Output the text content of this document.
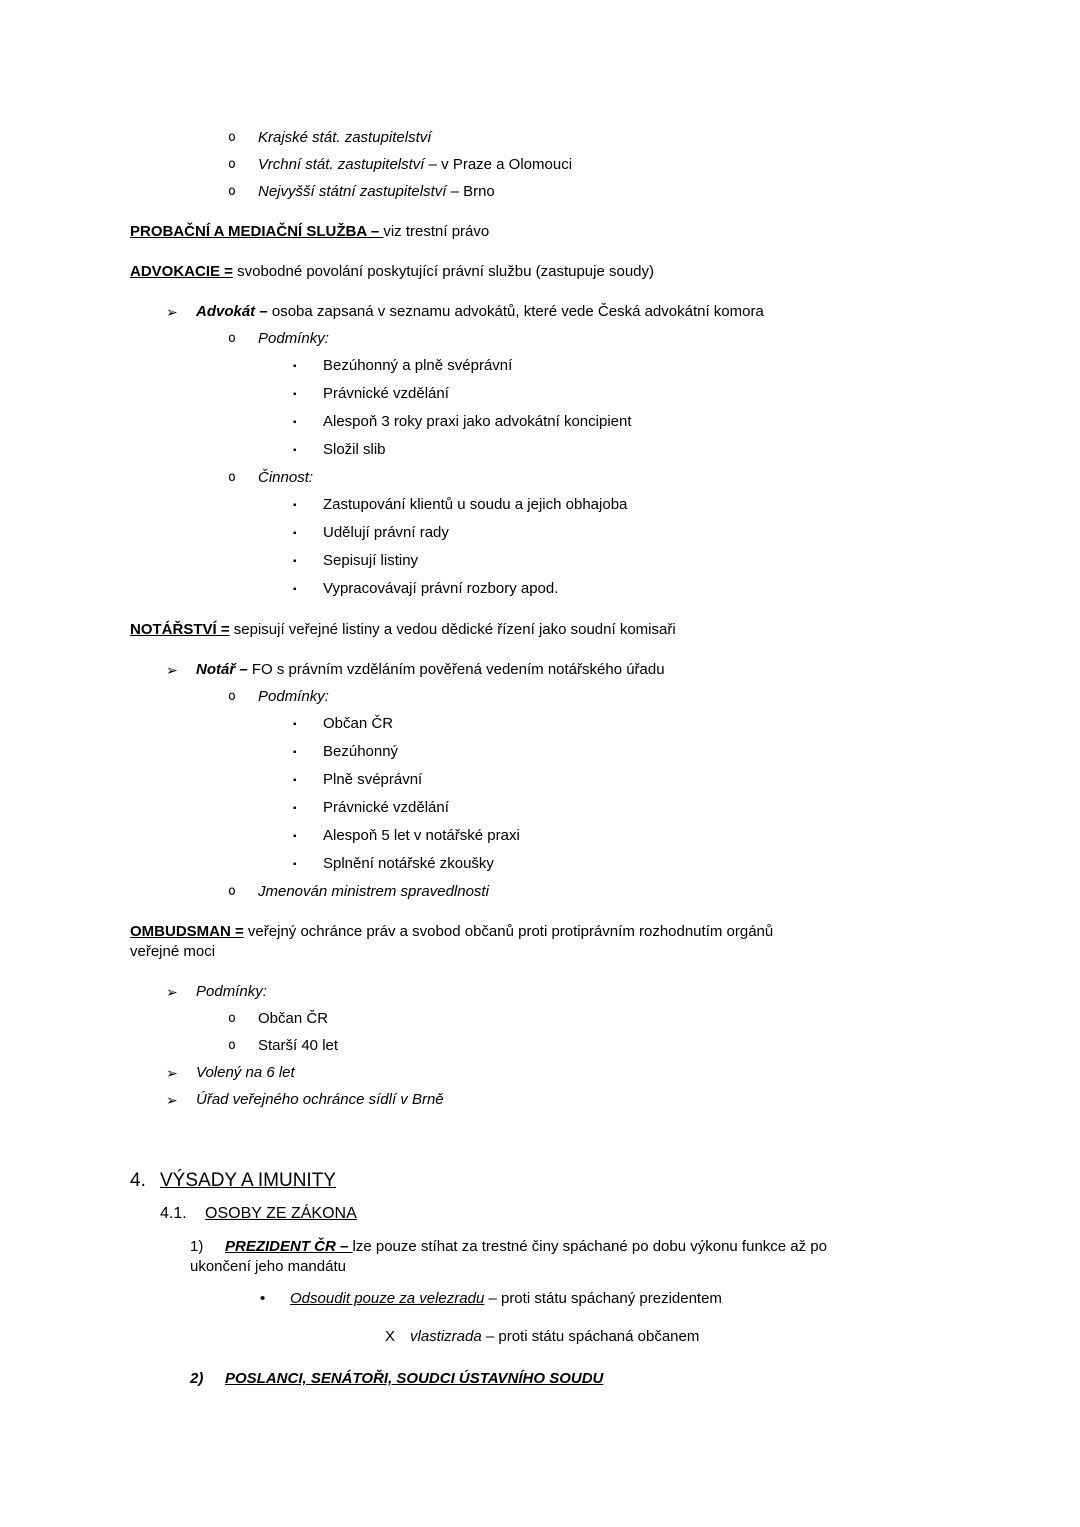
o	Krajské stát. zastupitelství
o	Vrchní stát. zastupitelství – v Praze a Olomouci
o	Nejvyšší státní zastupitelství – Brno
PROBAČNÍ A MEDIAČNÍ SLUŽBA – viz trestní právo
ADVOKACIE = svobodné povolání poskytující právní službu (zastupuje soudy)
➢	Advokát – osoba zapsaná v seznamu advokátů, které vede Česká advokátní komora
o	Podmínky:
▪	Bezúhonný a plně svéprávní
▪	Právnické vzdělání
▪	Alespoň 3 roky praxi jako advokátní koncipient
▪	Složil slib
o	Činnost:
▪	Zastupování klientů u soudu a jejich obhajoba
▪	Udělují právní rady
▪	Sepisují listiny
▪	Vypracovávají právní rozbory apod.
NOTÁŘSTVÍ = sepisují veřejné listiny a vedou dědické řízení jako soudní komisaři
➢	Notář – FO s právním vzděláním pověřená vedením notářského úřadu
o	Podmínky:
▪	Občan ČR
▪	Bezúhonný
▪	Plně svéprávní
▪	Právnické vzdělání
▪	Alespoň 5 let v notářské praxi
▪	Splnění notářské zkoušky
o	Jmenován ministrem spravedlnosti
OMBUDSMAN = veřejný ochránce práv a svobod občanů proti protiprávním rozhodnutím orgánů
veřejné moci
➢	Podmínky:
o	Občan ČR
o	Starší 40 let
➢	Volený na 6 let
➢	Úřad veřejného ochránce sídlí v Brně
4. VÝSADY A IMUNITY
4.1. OSOBY ZE ZÁKONA
1) PREZIDENT ČR – lze pouze stíhat za trestné činy spáchané po dobu výkonu funkce až po
ukončení jeho mandátu
•	Odsoudit pouze za velezradu – proti státu spáchaný prezidentem
X vlastizrada – proti státu spáchaná občanem
2) POSLANCI, SENÁTOŘI, SOUDCI ÚSTAVNÍHO SOUDU
